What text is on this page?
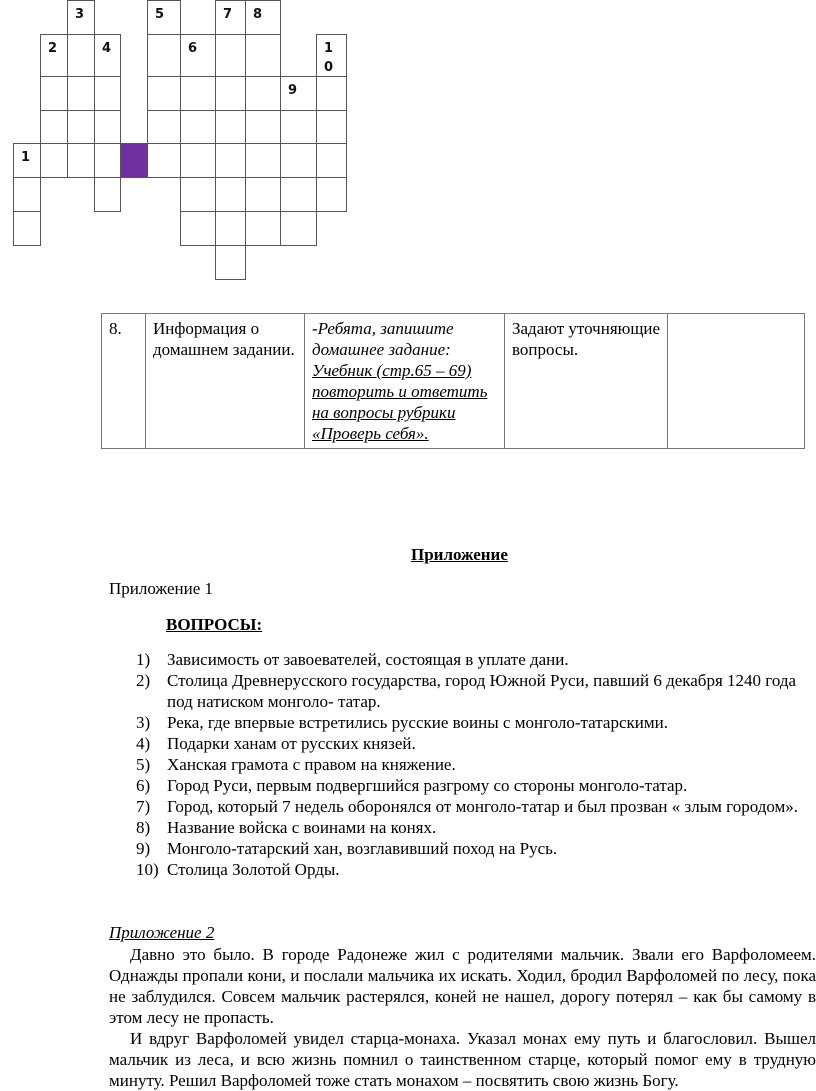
3	5	7 8
2	4	6	10
9
1
8.	Информация о домашнем задании.	-Ребята, запишите домашнее задание: Учебник (стр.65 – 69) повторить и ответить на вопросы рубрики «Проверь себя».	Задают уточняющие вопросы.	
Приложение
Приложение 1
ВОПРОСЫ:
1) Зависимость от завоевателей, состоящая в уплате дани.
2) Столица Древнерусского государства, город Южной Руси, павший 6 декабря 1240 года под натиском монголо- татар.
3) Река, где впервые встретились русские воины с монголо-татарскими.
4) Подарки ханам от русских князей.
5) Ханская грамота с правом на княжение.
6) Город Руси, первым подвергшийся разгрому со стороны монголо-татар.
7) Город, который 7 недель оборонялся от монголо-татар и был прозван « злым городом».
8) Название войска с воинами на конях.
9) Монголо-татарский хан, возглавивший поход на Русь.
10) Столица Золотой Орды.
Приложение 2

Давно это было. В городе Радонеже жил с родителями мальчик. Звали его Варфоломеем. Однажды пропали кони, и послали мальчика их искать. Ходил, бродил Варфоломей по лесу, пока не заблудился. Совсем мальчик растерялся, коней не нашел, дорогу потерял – как бы самому в этом лесу не пропасть.

И вдруг Варфоломей увидел старца-монаха. Указал монах ему путь и благословил. Вышел мальчик из леса, и всю жизнь помнил о таинственном старце, который помог ему в трудную минуту. Решил Варфоломей тоже стать монахом – посвятить свою жизнь Богу.
